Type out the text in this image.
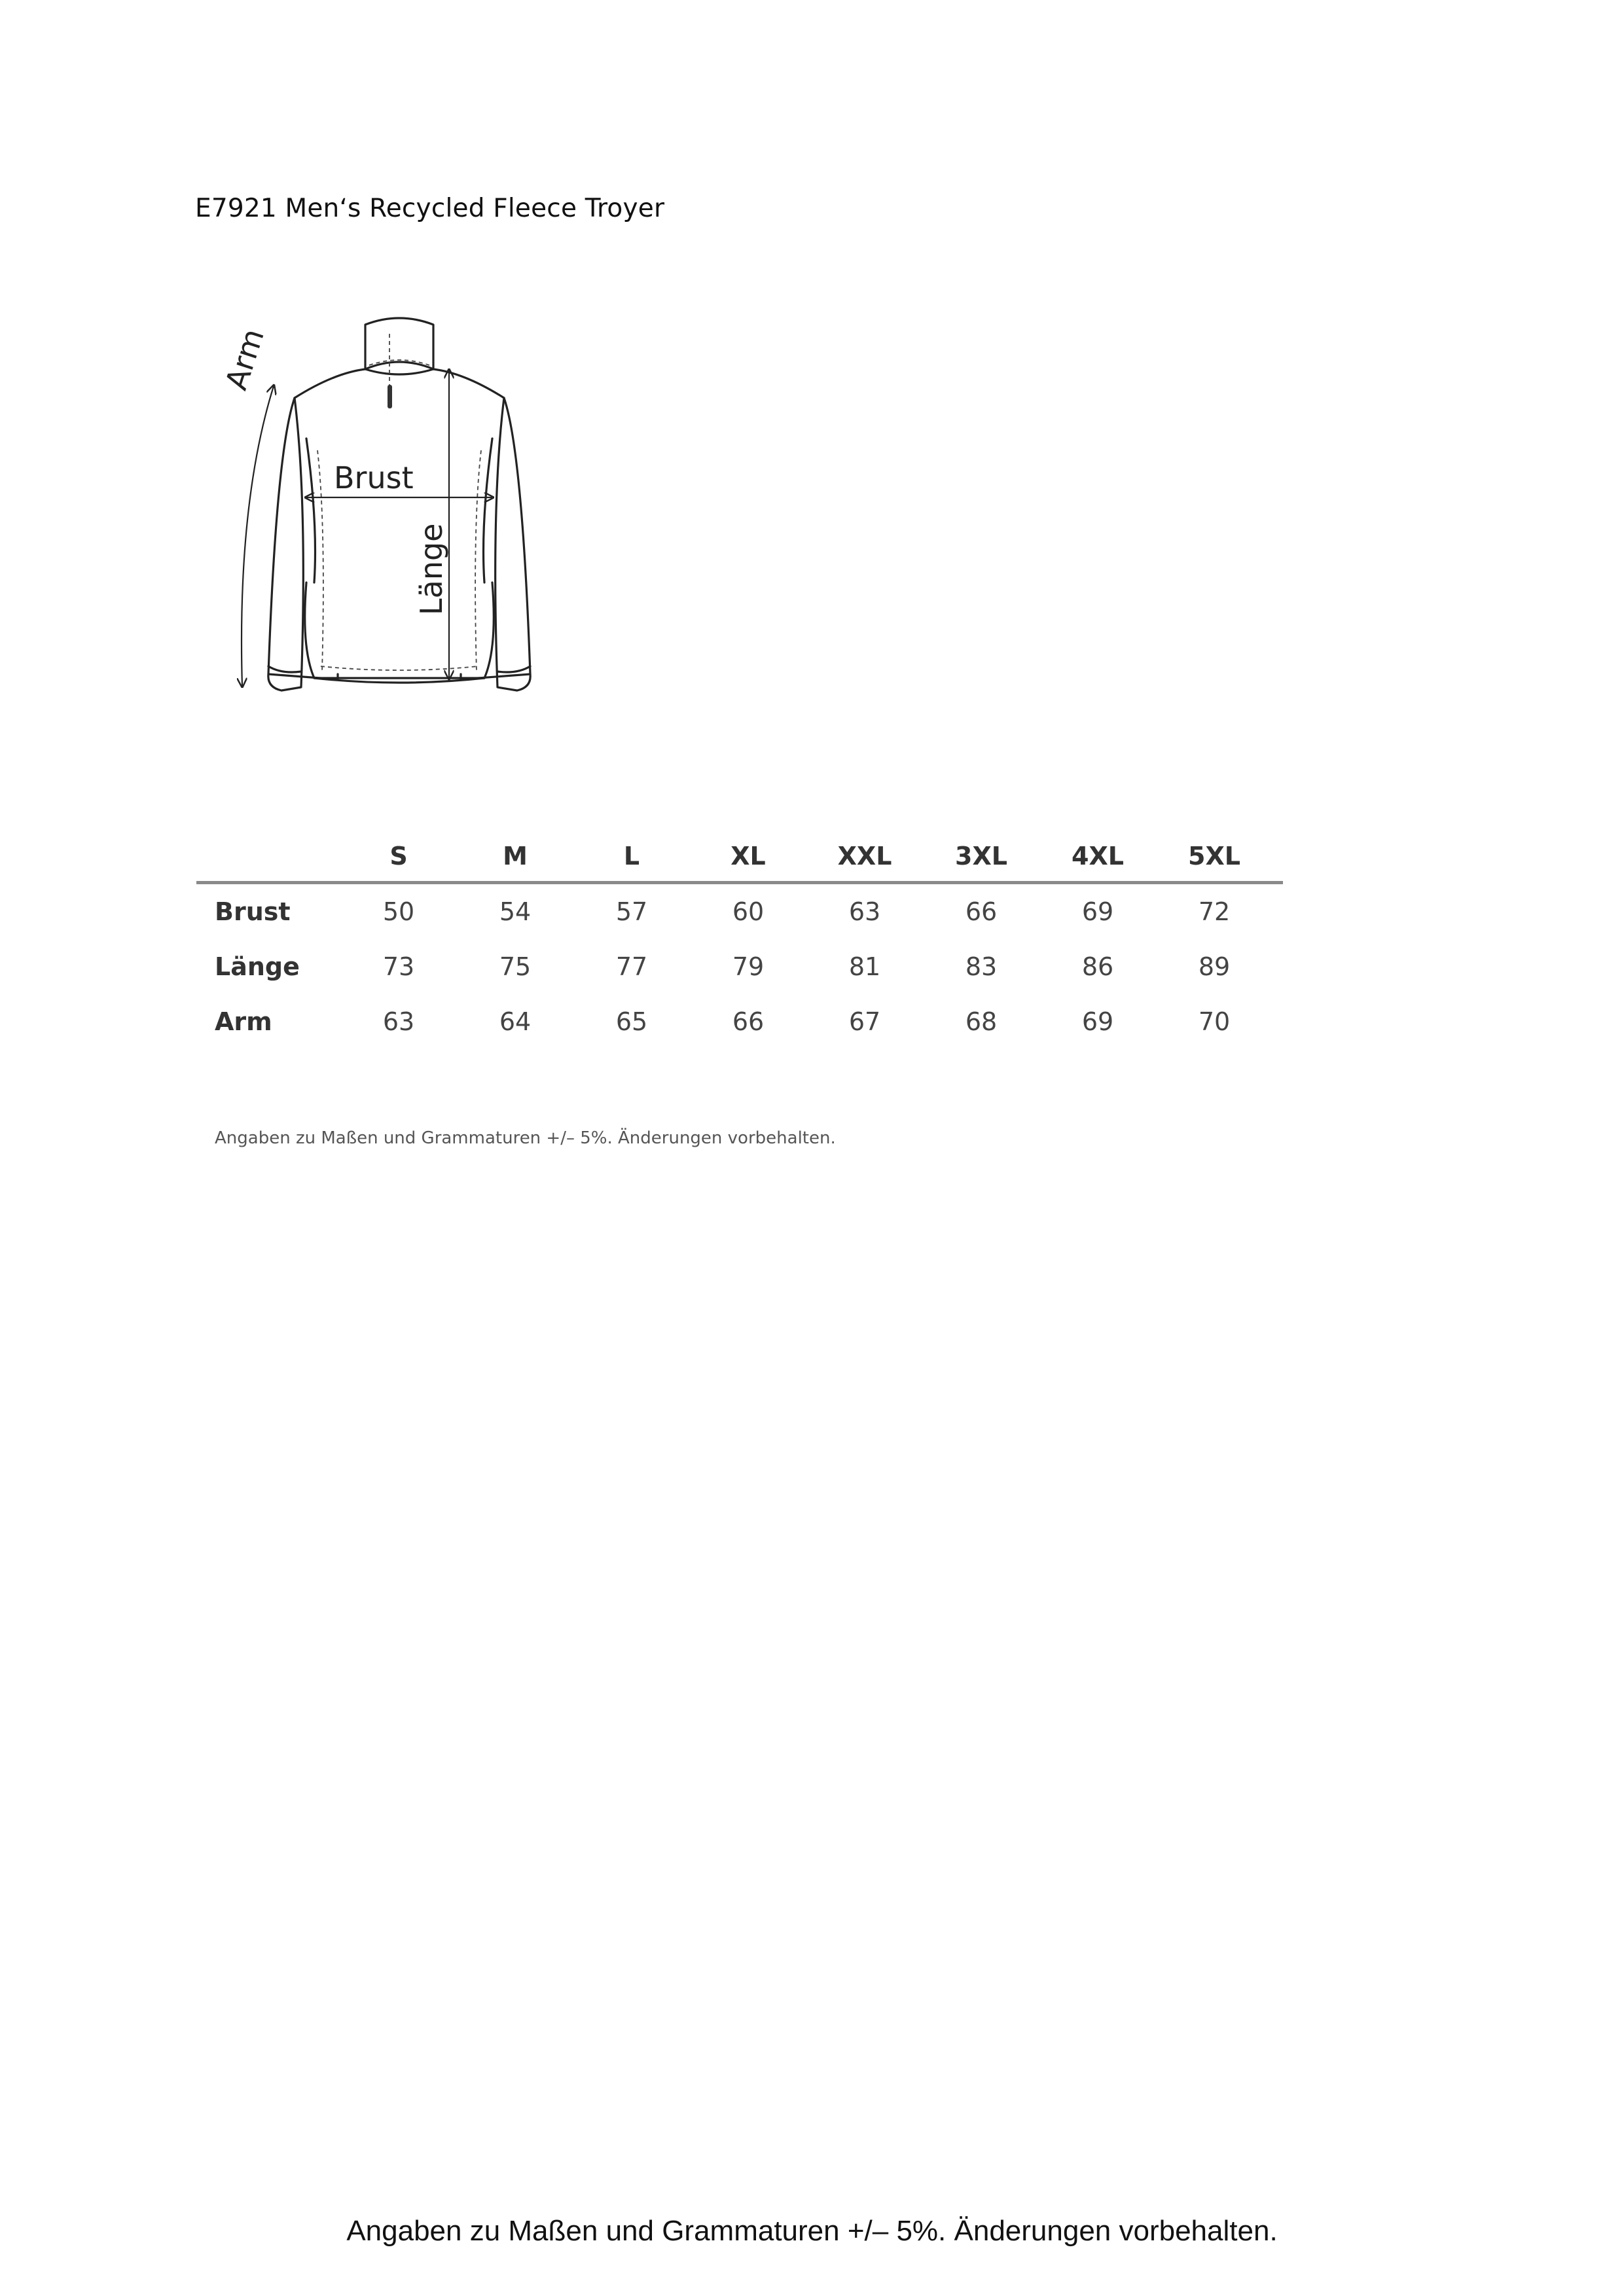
E7921 Men‘s Recycled Fleece Troyer
Arm
Brust
Länge
S	M	L	XL	XXL	3XL	4XL	5XL
Brust	50	54	57	60	63	66	69	72
Länge	73	75	77	79	81	83	86	89
Arm	63	64	65	66	67	68	69	70
Angaben zu Maßen und Grammaturen +/– 5%. Änderungen vorbehalten.
Angaben zu Maßen und Grammaturen +/– 5%. Änderungen vorbehalten.
